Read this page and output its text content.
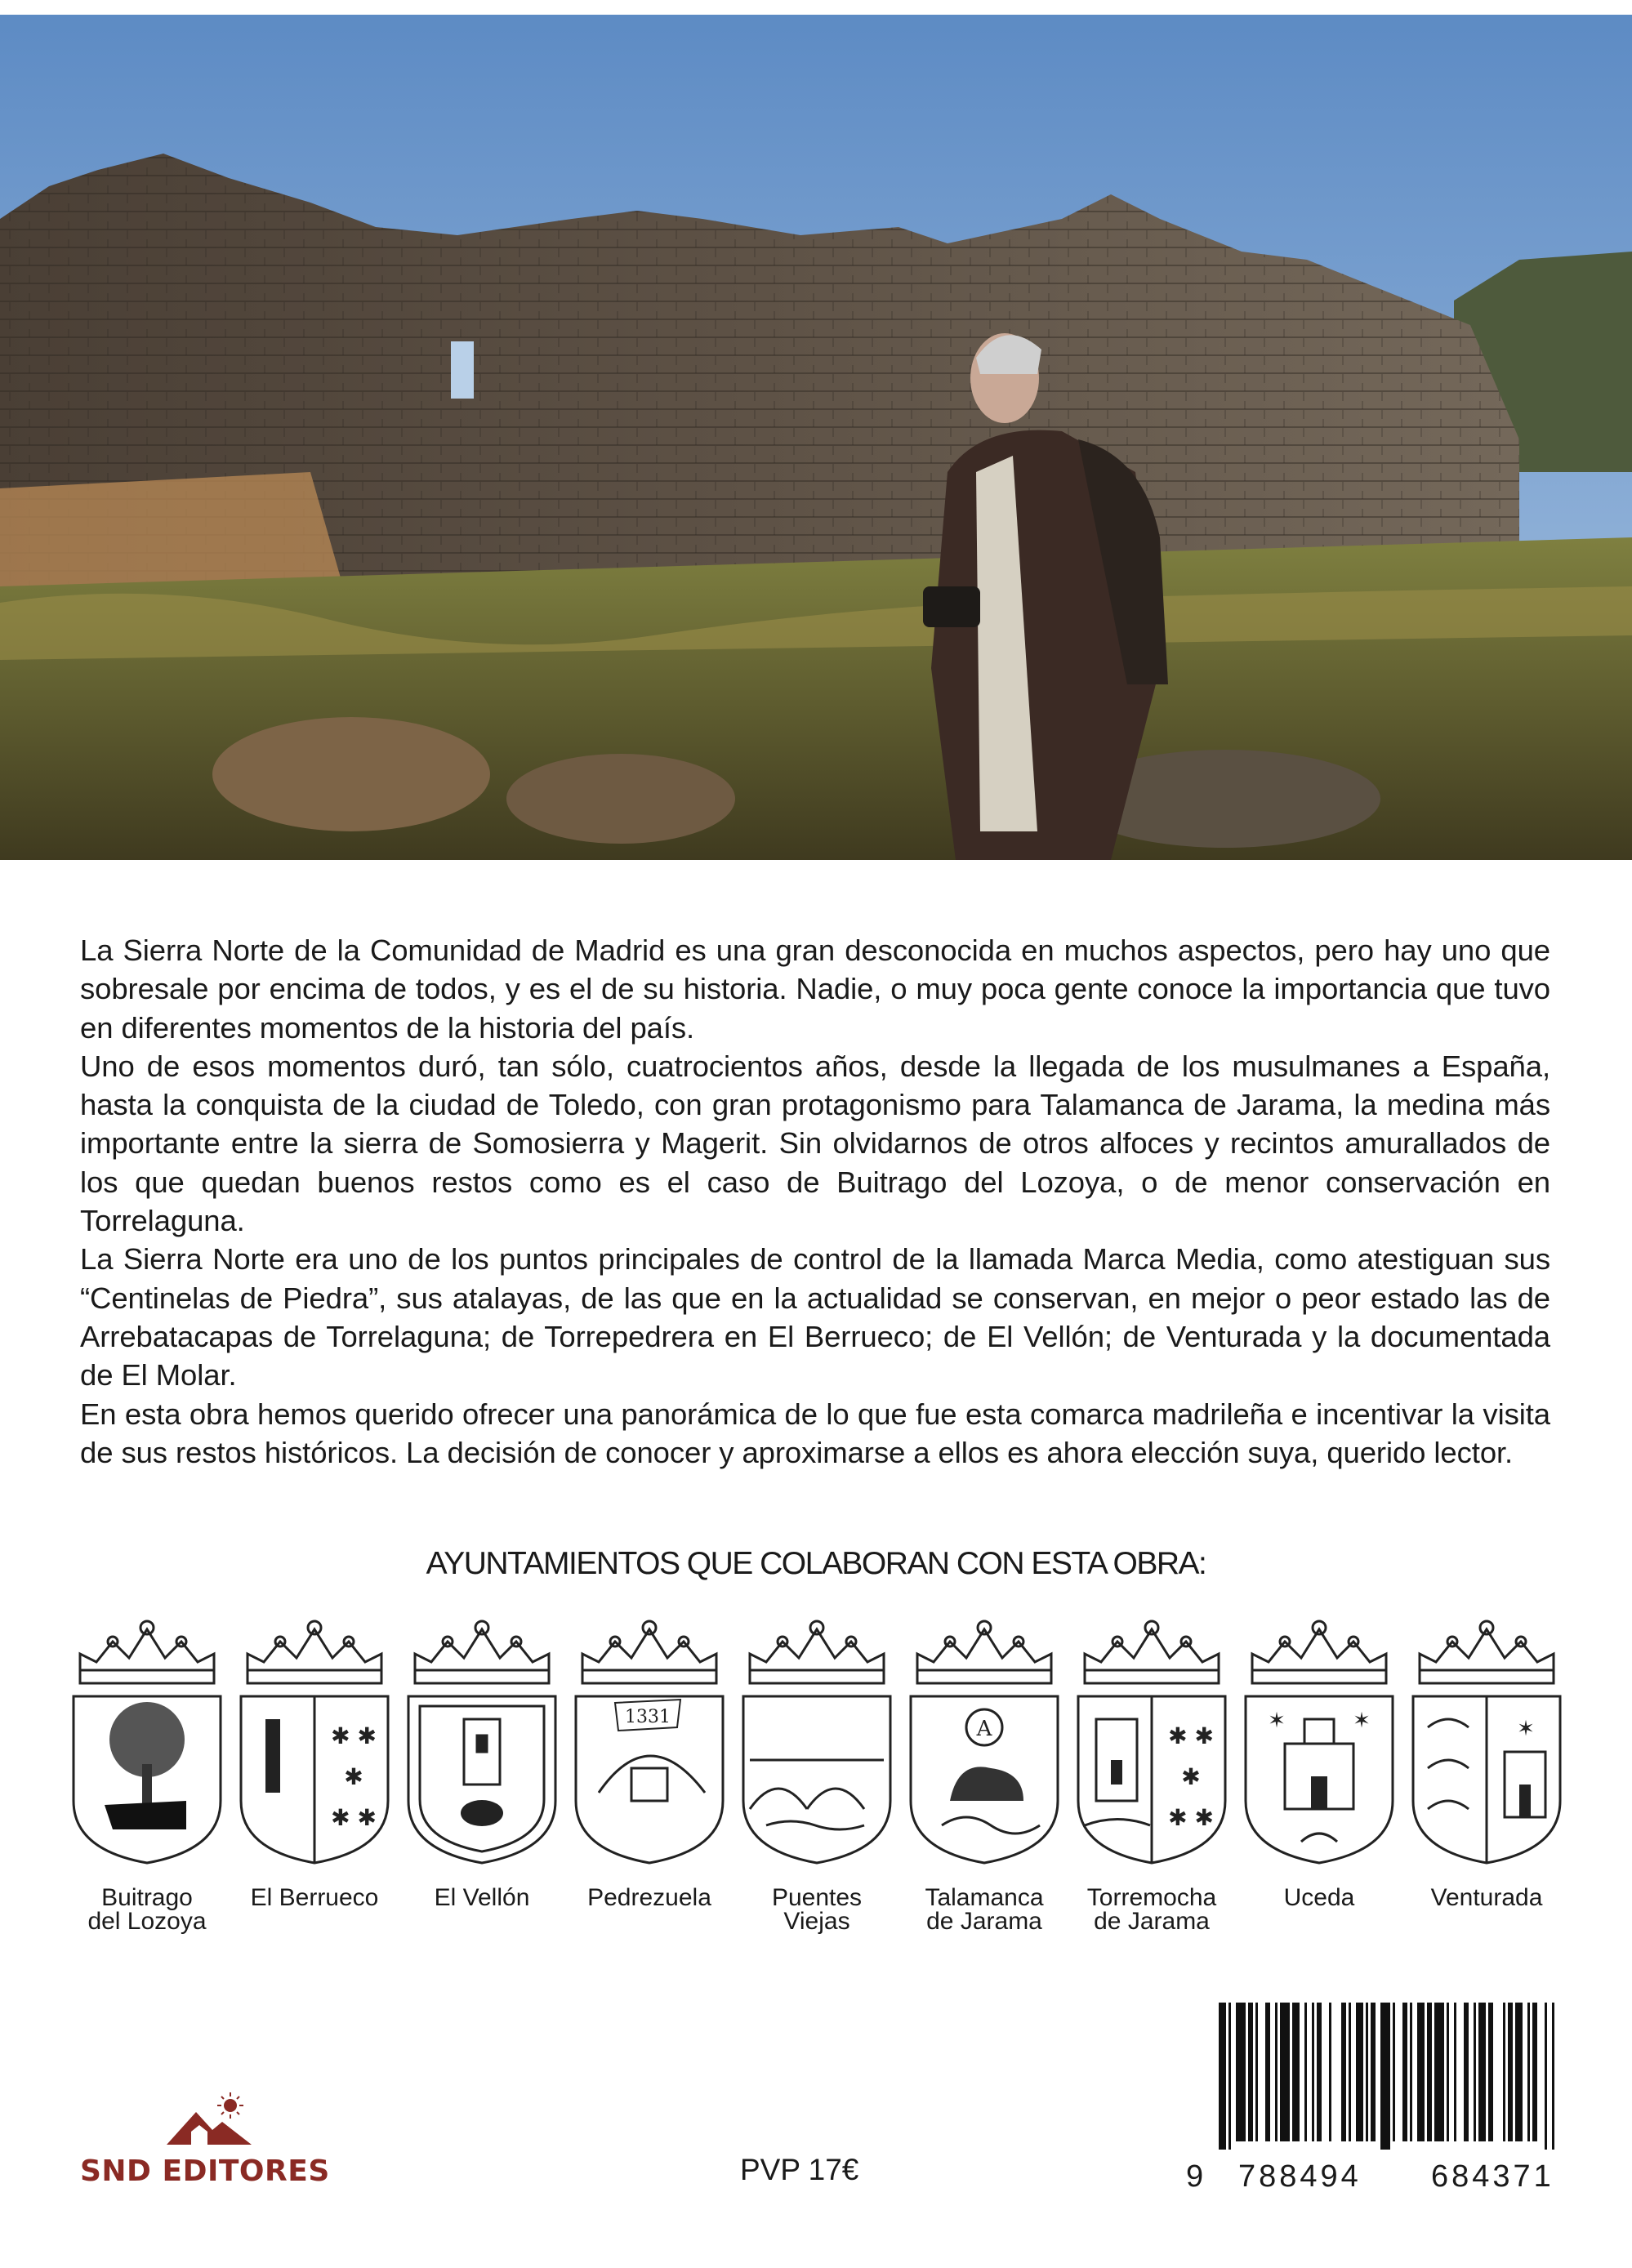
La Sierra Norte de la Comunidad de Madrid es una gran desconocida en muchos aspectos, pero hay uno que sobresale por encima de todos, y es el de su historia. Nadie, o muy poca gente conoce la importancia que tuvo en diferentes momentos de la historia del país.

Uno de esos momentos duró, tan sólo, cuatrocientos años, desde la llegada de los musulmanes a España, hasta la conquista de la ciudad de Toledo, con gran protagonismo para Talamanca de Jarama, la medina más importante entre la sierra de Somosierra y Magerit. Sin olvidarnos de otros alfoces y recintos amurallados de los que quedan buenos restos como es el caso de Buitrago del Lozoya, o de menor conservación en Torrelaguna.

La Sierra Norte era uno de los puntos principales de control de la llamada Marca Media, como atestiguan sus “Centinelas de Piedra”, sus atalayas, de las que en la actualidad se conservan, en mejor o peor estado las de Arrebatacapas de Torrelaguna; de Torrepedrera en El Berrueco; de El Vellón; de Venturada y la documentada de El Molar.

En esta obra hemos querido ofrecer una panorámica de lo que fue esta comarca madrileña e incentivar la visita de sus restos históricos. La decisión de conocer y aproximarse a ellos es ahora elección suya, querido lector.

AYUNTAMIENTOS QUE COLABORAN CON ESTA OBRA:
Buitrago
del Lozoya
✱ ✱
✱
✱ ✱
El Berrueco	El Vellón

1331
Pedrezuela	Puentes
Viejas
A
Talamanca
de Jarama
✱ ✱
✱
✱ ✱
Torremocha
de Jarama
✶	✶
Uceda

✶
Venturada

SND EDITORES	PVP 17€	9 788494 684371
